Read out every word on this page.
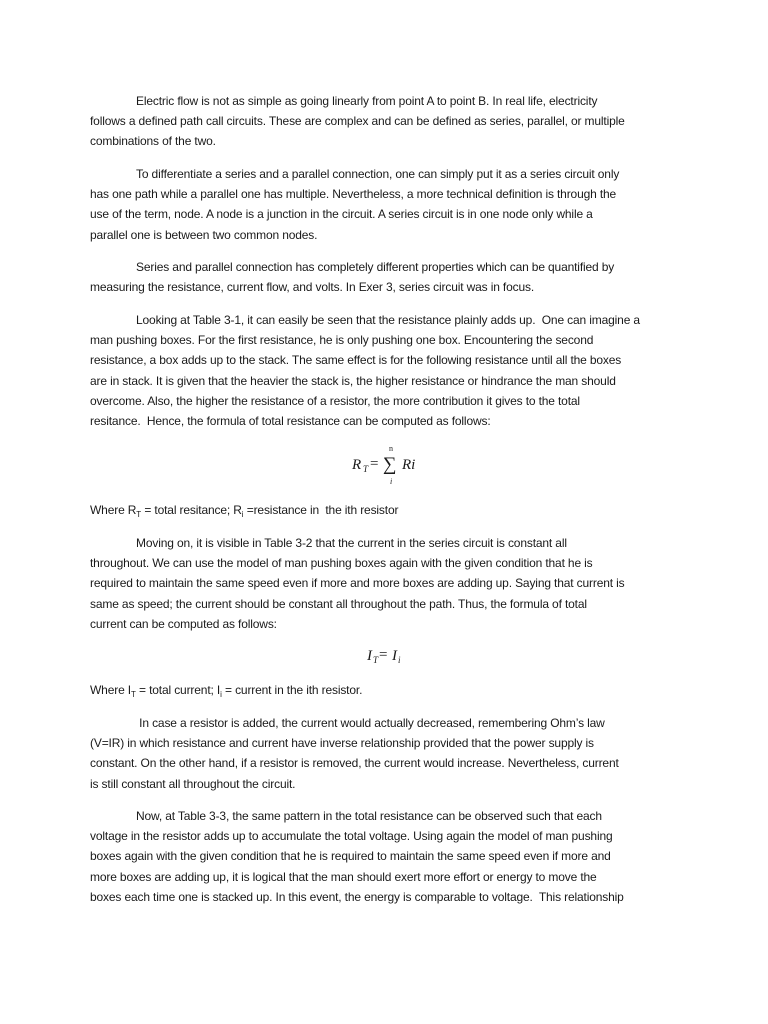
Electric flow is not as simple as going linearly from point A to point B. In real life, electricity
follows a defined path call circuits. These are complex and can be defined as series, parallel, or multiple
combinations of the two.
To differentiate a series and a parallel connection, one can simply put it as a series circuit only
has one path while a parallel one has multiple. Nevertheless, a more technical definition is through the
use of the term, node. A node is a junction in the circuit. A series circuit is in one node only while a
parallel one is between two common nodes.
Series and parallel connection has completely different properties which can be quantified by
measuring the resistance, current flow, and volts. In Exer 3, series circuit was in focus.
Looking at Table 3-1, it can easily be seen that the resistance plainly adds up.  One can imagine a
man pushing boxes. For the first resistance, he is only pushing one box. Encountering the second
resistance, a box adds up to the stack. The same effect is for the following resistance until all the boxes
are in stack. It is given that the heavier the stack is, the higher resistance or hindrance the man should
overcome. Also, the higher the resistance of a resistor, the more contribution it gives to the total
resitance.  Hence, the formula of total resistance can be computed as follows:
R T =
n
∑
i
Ri
Where $R_T$ = total resitance; $R_i$ =resistance in  the ith resistor
Moving on, it is visible in Table 3-2 that the current in the series circuit is constant all
throughout. We can use the model of man pushing boxes again with the given condition that he is
required to maintain the same speed even if more and more boxes are adding up. Saying that current is
same as speed; the current should be constant all throughout the path. Thus, the formula of total
current can be computed as follows:
I T = I i
Where $I_T$ = total current; $I_i$ = current in the ith resistor.
In case a resistor is added, the current would actually decreased, remembering Ohm’s law
(V=IR) in which resistance and current have inverse relationship provided that the power supply is
constant. On the other hand, if a resistor is removed, the current would increase. Nevertheless, current
is still constant all throughout the circuit.
Now, at Table 3-3, the same pattern in the total resistance can be observed such that each
voltage in the resistor adds up to accumulate the total voltage. Using again the model of man pushing
boxes again with the given condition that he is required to maintain the same speed even if more and
more boxes are adding up, it is logical that the man should exert more effort or energy to move the
boxes each time one is stacked up. In this event, the energy is comparable to voltage.  This relationship
